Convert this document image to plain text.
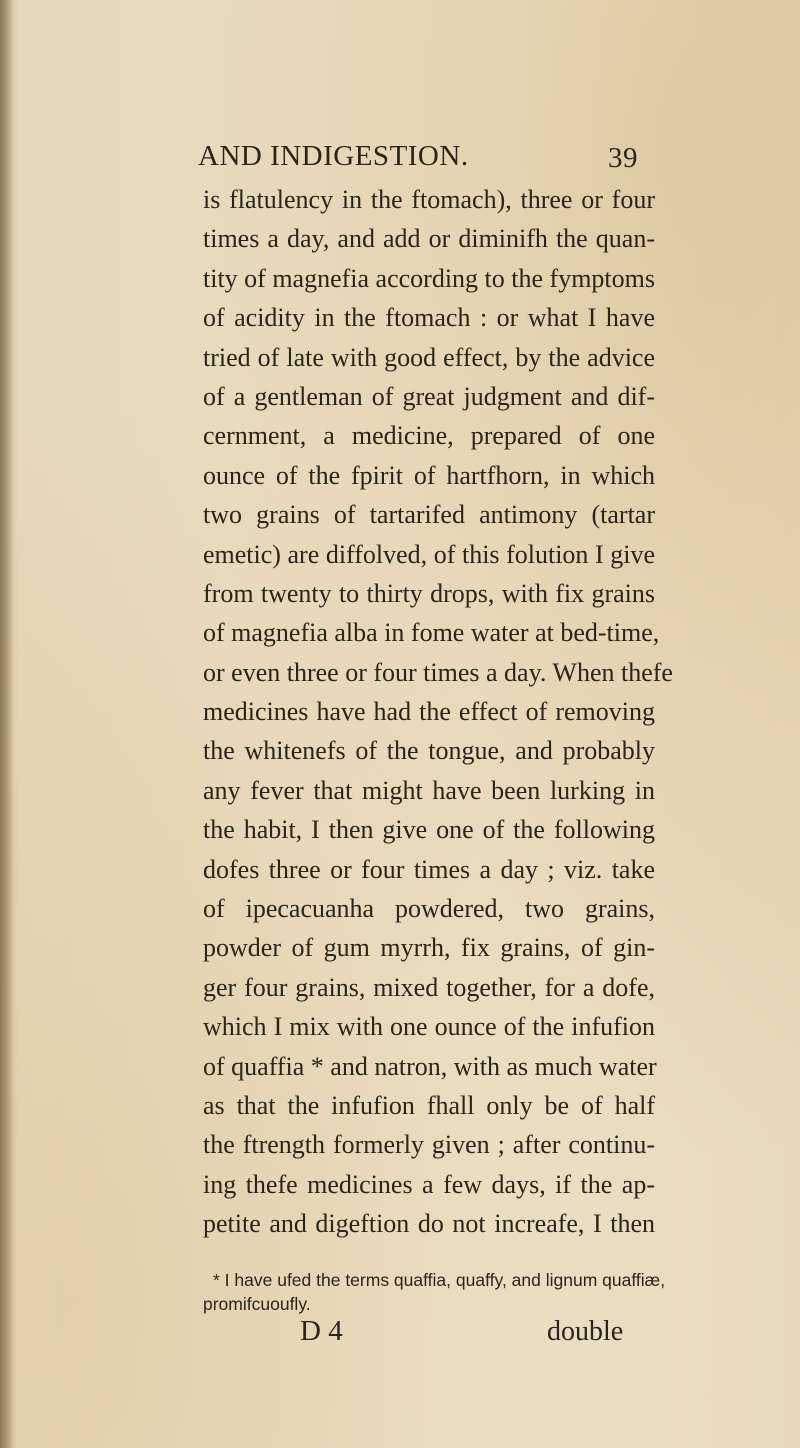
AND INDIGESTION.	39
is flatulency in the ftomach), three or four
times a day, and add or diminifh the quan-
tity of magnefia according to the fymptoms
of acidity in the ftomach : or what I have
tried of late with good effect, by the advice
of a gentleman of great judgment and dif-
cernment, a medicine, prepared of one
ounce of the fpirit of hartfhorn, in which
two grains of tartarifed antimony (tartar
emetic) are diffolved, of this folution I give
from twenty to thirty drops, with fix grains
of magnefia alba in fome water at bed-time,
or even three or four times a day. When thefe
medicines have had the effect of removing
the whitenefs of the tongue, and probably
any fever that might have been lurking in
the habit, I then give one of the following
dofes three or four times a day ; viz. take
of ipecacuanha powdered, two grains,
powder of gum myrrh, fix grains, of gin-
ger four grains, mixed together, for a dofe,
which I mix with one ounce of the infufion
of quaffia * and natron, with as much water
as that the infufion fhall only be of half
the ftrength formerly given ; after continu-
ing thefe medicines a few days, if the ap-
petite and digeftion do not increafe, I then
* I have ufed the terms quaffia, quaffy, and lignum quaffiæ,
promifcuoufly.
D 4	double
